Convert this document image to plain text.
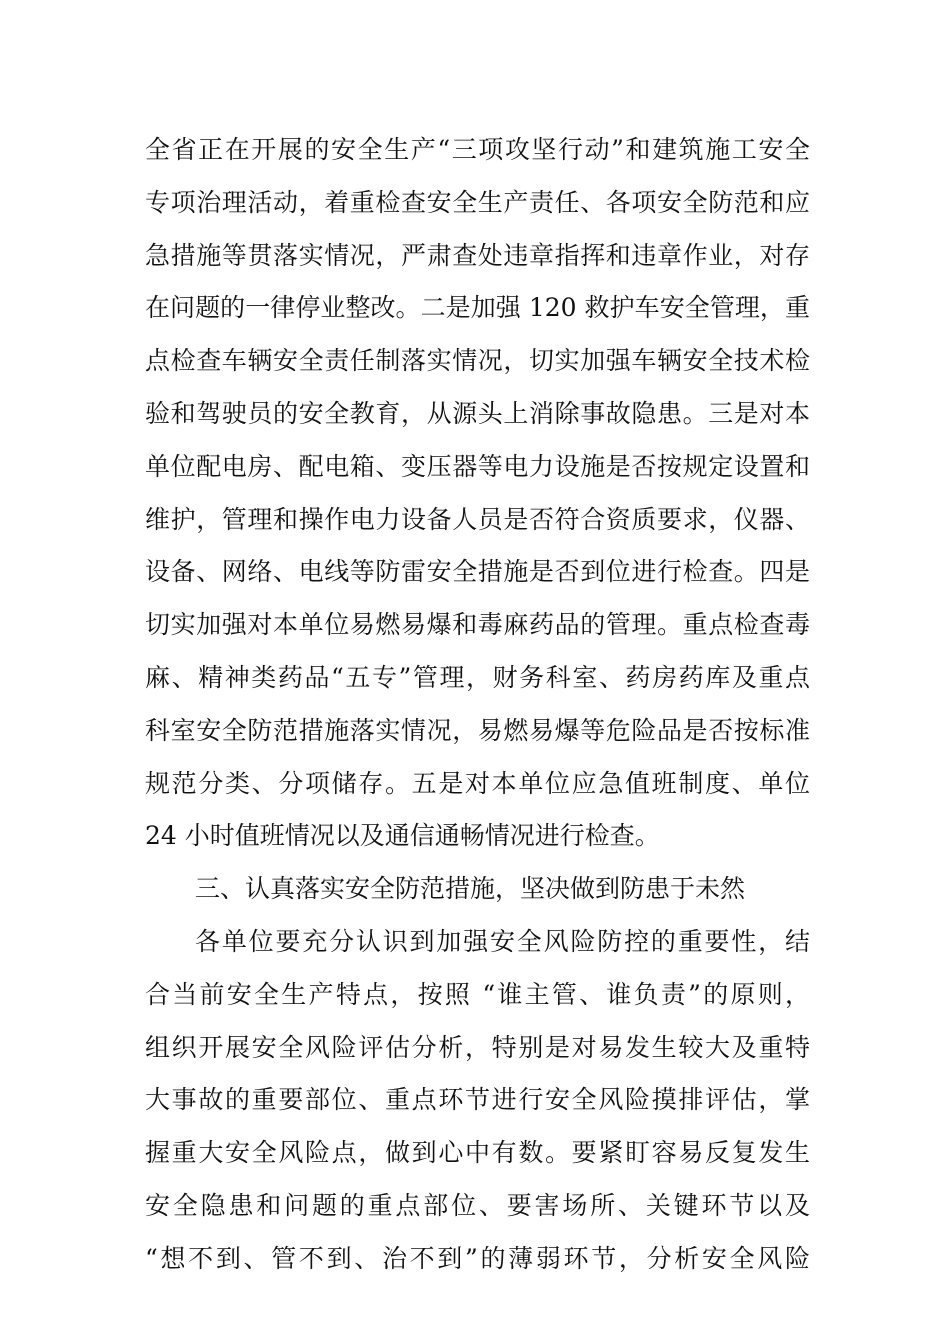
全省正在开展的安全生产“三项攻坚行动”和建筑施工安全
专项治理活动，着重检查安全生产责任、各项安全防范和应
急措施等贯落实情况，严肃查处违章指挥和违章作业，对存
在问题的一律停业整改。二是加强 120 救护车安全管理，重
点检查车辆安全责任制落实情况，切实加强车辆安全技术检
验和驾驶员的安全教育，从源头上消除事故隐患。三是对本
单位配电房、配电箱、变压器等电力设施是否按规定设置和
维护，管理和操作电力设备人员是否符合资质要求，仪器、
设备、网络、电线等防雷安全措施是否到位进行检查。四是
切实加强对本单位易燃易爆和毒麻药品的管理。重点检查毒
麻、精神类药品“五专”管理，财务科室、药房药库及重点
科室安全防范措施落实情况，易燃易爆等危险品是否按标准
规范分类、分项储存。五是对本单位应急值班制度、单位
24 小时值班情况以及通信通畅情况进行检查。
三、认真落实安全防范措施，坚决做到防患于未然
各单位要充分认识到加强安全风险防控的重要性，结
合当前安全生产特点，按照 “谁主管、谁负责”的原则，
组织开展安全风险评估分析，特别是对易发生较大及重特
大事故的重要部位、重点环节进行安全风险摸排评估，掌
握重大安全风险点，做到心中有数。要紧盯容易反复发生
安全隐患和问题的重点部位、要害场所、关键环节以及
“想不到、管不到、治不到”的薄弱环节，分析安全风险
